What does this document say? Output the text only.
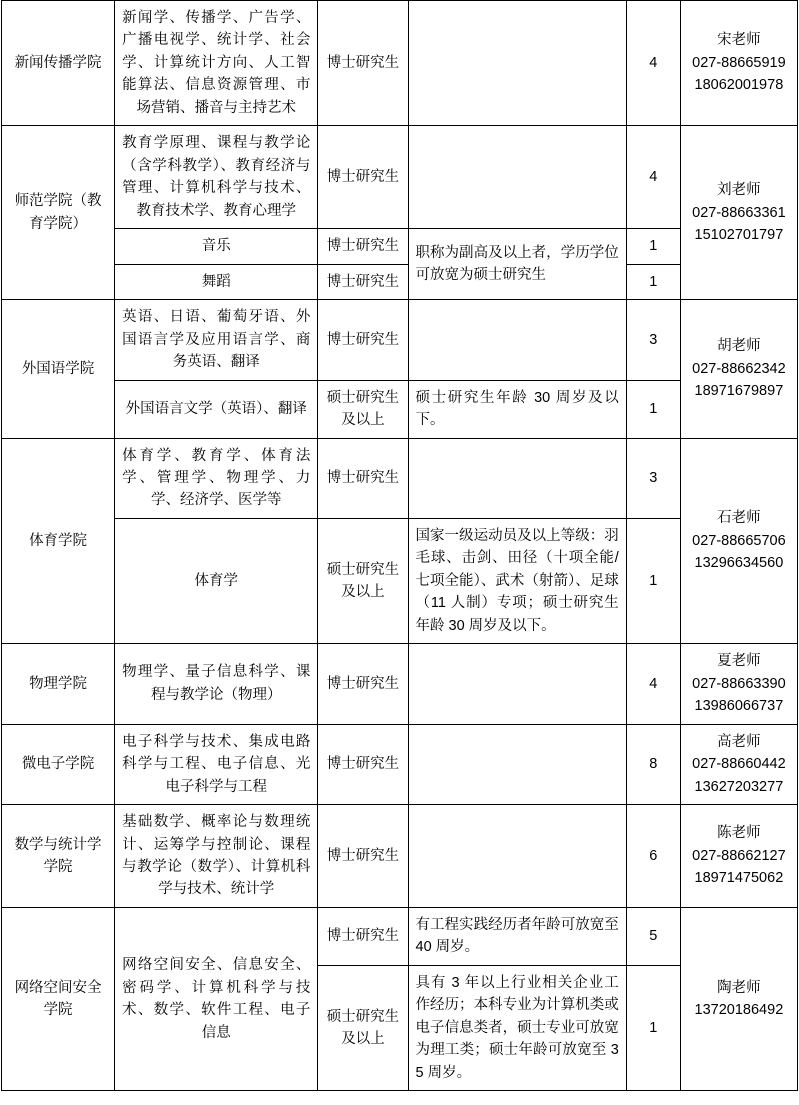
新闻传播学院	新闻学、传播学、广告学、广播电视学、统计学、社会学、计算统计方向、人工智能算法、信息资源管理、市场营销、播音与主持艺术	博士研究生		4	宋老师
027-88665919
18062001978

师范学院（教育学院）	教育学原理、课程与教学论（含学科教学）、教育经济与管理、计算机科学与技术、教育技术学、教育心理学	博士研究生		4	刘老师
027-88663361
15102701797

	音乐	博士研究生	职称为副高及以上者，学历学位可放宽为硕士研究生	1	
	舞蹈	博士研究生		1	
外国语学院	英语、日语、葡萄牙语、外国语言学及应用语言学、商务英语、翻译	博士研究生		3	胡老师
027-88662342
18971679897

	外国语言文学（英语）、翻译	硕士研究生及以上	硕士研究生年龄 30 周岁及以下。	1	
体育学院	体育学、教育学、体育法学、管理学、物理学、力学、经济学、医学等	博士研究生		3	石老师
027-88665706
13296634560

	体育学	硕士研究生及以上	国家一级运动员及以上等级：羽毛球、击剑、田径（十项全能/七项全能）、武术（射箭）、足球（11 人制）专项；硕士研究生年龄 30 周岁及以下。	1	
物理学院	物理学、量子信息科学、课程与教学论（物理）	博士研究生		4	夏老师
027-88663390
13986066737

微电子学院	电子科学与技术、集成电路科学与工程、电子信息、光电子科学与工程	博士研究生		8	高老师
027-88660442
13627203277

数学与统计学学院	基础数学、概率论与数理统计、运筹学与控制论、课程与教学论（数学）、计算机科学与技术、统计学	博士研究生		6	陈老师
027-88662127
18971475062

网络空间安全学院	网络空间安全、信息安全、密码学、计算机科学与技术、数学、软件工程、电子信息	博士研究生	有工程实践经历者年龄可放宽至 40 周岁。	5	陶老师
13720186492

		硕士研究生及以上	具有 3 年以上行业相关企业工作经历；本科专业为计算机类或电子信息类者，硕士专业可放宽为理工类；硕士年龄可放宽至 35 周岁。	1	
